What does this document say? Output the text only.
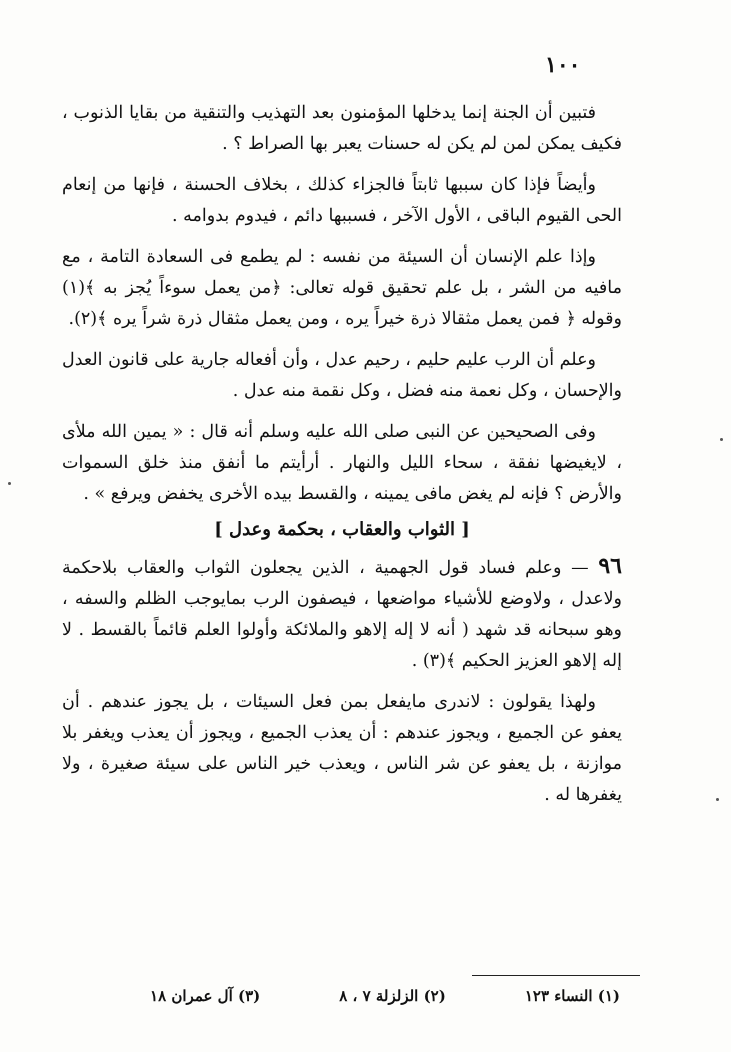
١٠٠

فتبين أن الجنة إنما يدخلها المؤمنون بعد التهذيب والتنقية من بقايا الذنوب ، فكيف يمكن لمن لم يكن له حسنات يعبر بها الصراط ؟ .

وأيضاً فإذا كان سببها ثابتاً فالجزاء كذلك ، بخلاف الحسنة ، فإنها من إنعام الحى القيوم الباقى ، الأول الآخر ، فسببها دائم ، فيدوم بدوامه .

وإذا علم الإنسان أن السيئة من نفسه : لم يطمع فى السعادة التامة ، مع مافيه من الشر ، بل علم تحقيق قوله تعالى: ﴿من يعمل سوءاً يُجز به ﴾(١) وقوله ﴿ فمن يعمل مثقالا ذرة خيراً يره ، ومن يعمل مثقال ذرة شراً يره ﴾(٢).

وعلم أن الرب عليم حليم ، رحيم عدل ، وأن أفعاله جارية على قانون العدل والإحسان ، وكل نعمة منه فضل ، وكل نقمة منه عدل .

وفى الصحيحين عن النبى صلى الله عليه وسلم أنه قال : « يمين الله ملأى ، لايغيضها نفقة ، سحاء الليل والنهار . أرأيتم ما أنفق منذ خلق السموات والأرض ؟ فإنه لم يغض مافى يمينه ، والقسط بيده الأخرى يخفض ويرفع » .

[ الثواب والعقاب ، بحكمة وعدل ]

٩٦ — وعلم فساد قول الجهمية ، الذين يجعلون الثواب والعقاب بلاحكمة ولاعدل ، ولاوضع للأشياء مواضعها ، فيصفون الرب بمايوجب الظلم والسفه ، وهو سبحانه قد شهد ( أنه لا إله إلاهو والملائكة وأولوا العلم قائماً بالقسط . لا إله إلاهو العزيز الحكيم ﴾(٣) .

ولهذا يقولون : لاندرى مايفعل بمن فعل السيئات ، بل يجوز عندهم . أن يعفو عن الجميع ، ويجوز عندهم : أن يعذب الجميع ، ويجوز أن يعذب ويغفر بلا موازنة ، بل يعفو عن شر الناس ، ويعذب خير الناس على سيئة صغيرة ، ولا يغفرها له .

(١) النساء ١٢٣
(٢) الزلزلة ٧ ، ٨
(٣) آل عمران ١٨
